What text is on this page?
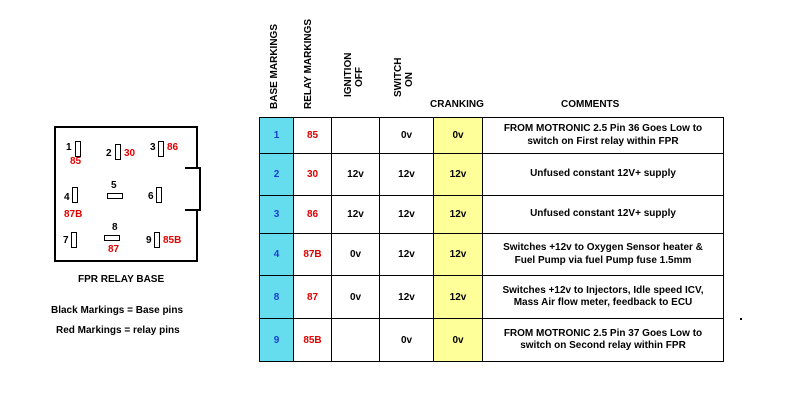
1
85
2 30
3 86
4
87B
5
6
7
8
87
9 85B
FPR RELAY BASE
Black Markings = Base pins
Red Markings = relay pins
BASE MARKINGS RELAY MARKINGS	IGNITION
OFF	SWITCH
ON
CRANKING	COMMENTS
1	85		0v	0v	FROM MOTRONIC 2.5 Pin 36 Goes Low to
switch on First relay within FPR
2	30	12v	12v	12v	Unfused constant 12V+ supply
3	86	12v	12v	12v	Unfused constant 12V+ supply
4	87B	0v	12v	12v	Switches +12v to Oxygen Sensor heater &
Fuel Pump via fuel Pump fuse 1.5mm
8	87	0v	12v	12v	Switches +12v to Injectors, Idle speed ICV,
Mass Air flow meter, feedback to ECU
9	85B		0v	0v	FROM MOTRONIC 2.5 Pin 37 Goes Low to
switch on Second relay within FPR
